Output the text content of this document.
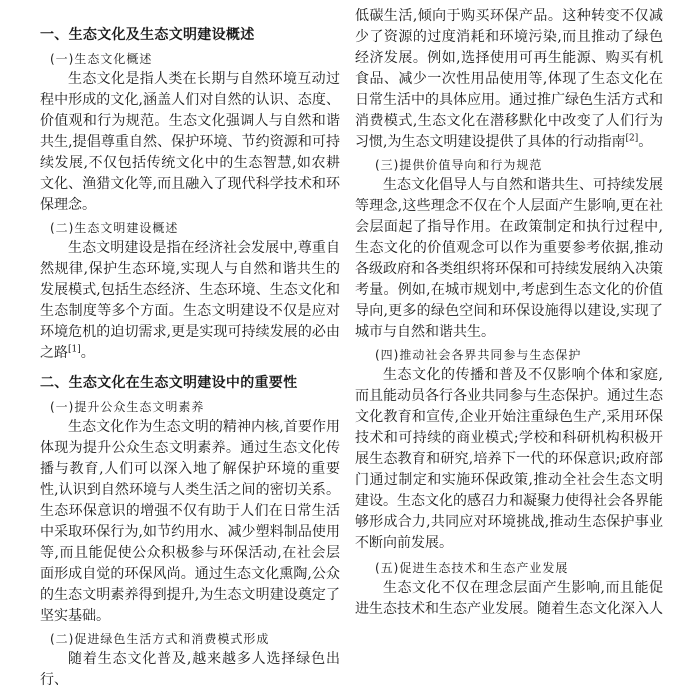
一、生态文化及生态文明建设概述
(一)生态文化概述

生态文化是指人类在长期与自然环境互动过程中形成的文化,涵盖人们对自然的认识、态度、价值观和行为规范。生态文化强调人与自然和谐共生,提倡尊重自然、保护环境、节约资源和可持续发展,不仅包括传统文化中的生态智慧,如农耕文化、渔猎文化等,而且融入了现代科学技术和环保理念。

(二)生态文明建设概述

生态文明建设是指在经济社会发展中,尊重自然规律,保护生态环境,实现人与自然和谐共生的发展模式,包括生态经济、生态环境、生态文化和生态制度等多个方面。生态文明建设不仅是应对环境危机的迫切需求,更是实现可持续发展的必由之路[1]。

二、生态文化在生态文明建设中的重要性
(一)提升公众生态文明素养

生态文化作为生态文明的精神内核,首要作用体现为提升公众生态文明素养。通过生态文化传播与教育,人们可以深入地了解保护环境的重要性,认识到自然环境与人类生活之间的密切关系。生态环保意识的增强不仅有助于人们在日常生活中采取环保行为,如节约用水、减少塑料制品使用等,而且能促使公众积极参与环保活动,在社会层面形成自觉的环保风尚。通过生态文化熏陶,公众的生态文明素养得到提升,为生态文明建设奠定了坚实基础。

(二)促进绿色生活方式和消费模式形成

随着生态文化普及,越来越多人选择绿色出行、

低碳生活,倾向于购买环保产品。这种转变不仅减少了资源的过度消耗和环境污染,而且推动了绿色经济发展。例如,选择使用可再生能源、购买有机食品、减少一次性用品使用等,体现了生态文化在日常生活中的具体应用。通过推广绿色生活方式和消费模式,生态文化在潜移默化中改变了人们行为习惯,为生态文明建设提供了具体的行动指南[2]。

(三)提供价值导向和行为规范

生态文化倡导人与自然和谐共生、可持续发展等理念,这些理念不仅在个人层面产生影响,更在社会层面起了指导作用。在政策制定和执行过程中,生态文化的价值观念可以作为重要参考依据,推动各级政府和各类组织将环保和可持续发展纳入决策考量。例如,在城市规划中,考虑到生态文化的价值导向,更多的绿色空间和环保设施得以建设,实现了城市与自然和谐共生。

(四)推动社会各界共同参与生态保护

生态文化的传播和普及不仅影响个体和家庭,而且能动员各行各业共同参与生态保护。通过生态文化教育和宣传,企业开始注重绿色生产,采用环保技术和可持续的商业模式;学校和科研机构积极开展生态教育和研究,培养下一代的环保意识;政府部门通过制定和实施环保政策,推动全社会生态文明建设。生态文化的感召力和凝聚力使得社会各界能够形成合力,共同应对环境挑战,推动生态保护事业不断向前发展。

(五)促进生态技术和生态产业发展

生态文化不仅在理念层面产生影响,而且能促进生态技术和生态产业发展。随着生态文化深入人
